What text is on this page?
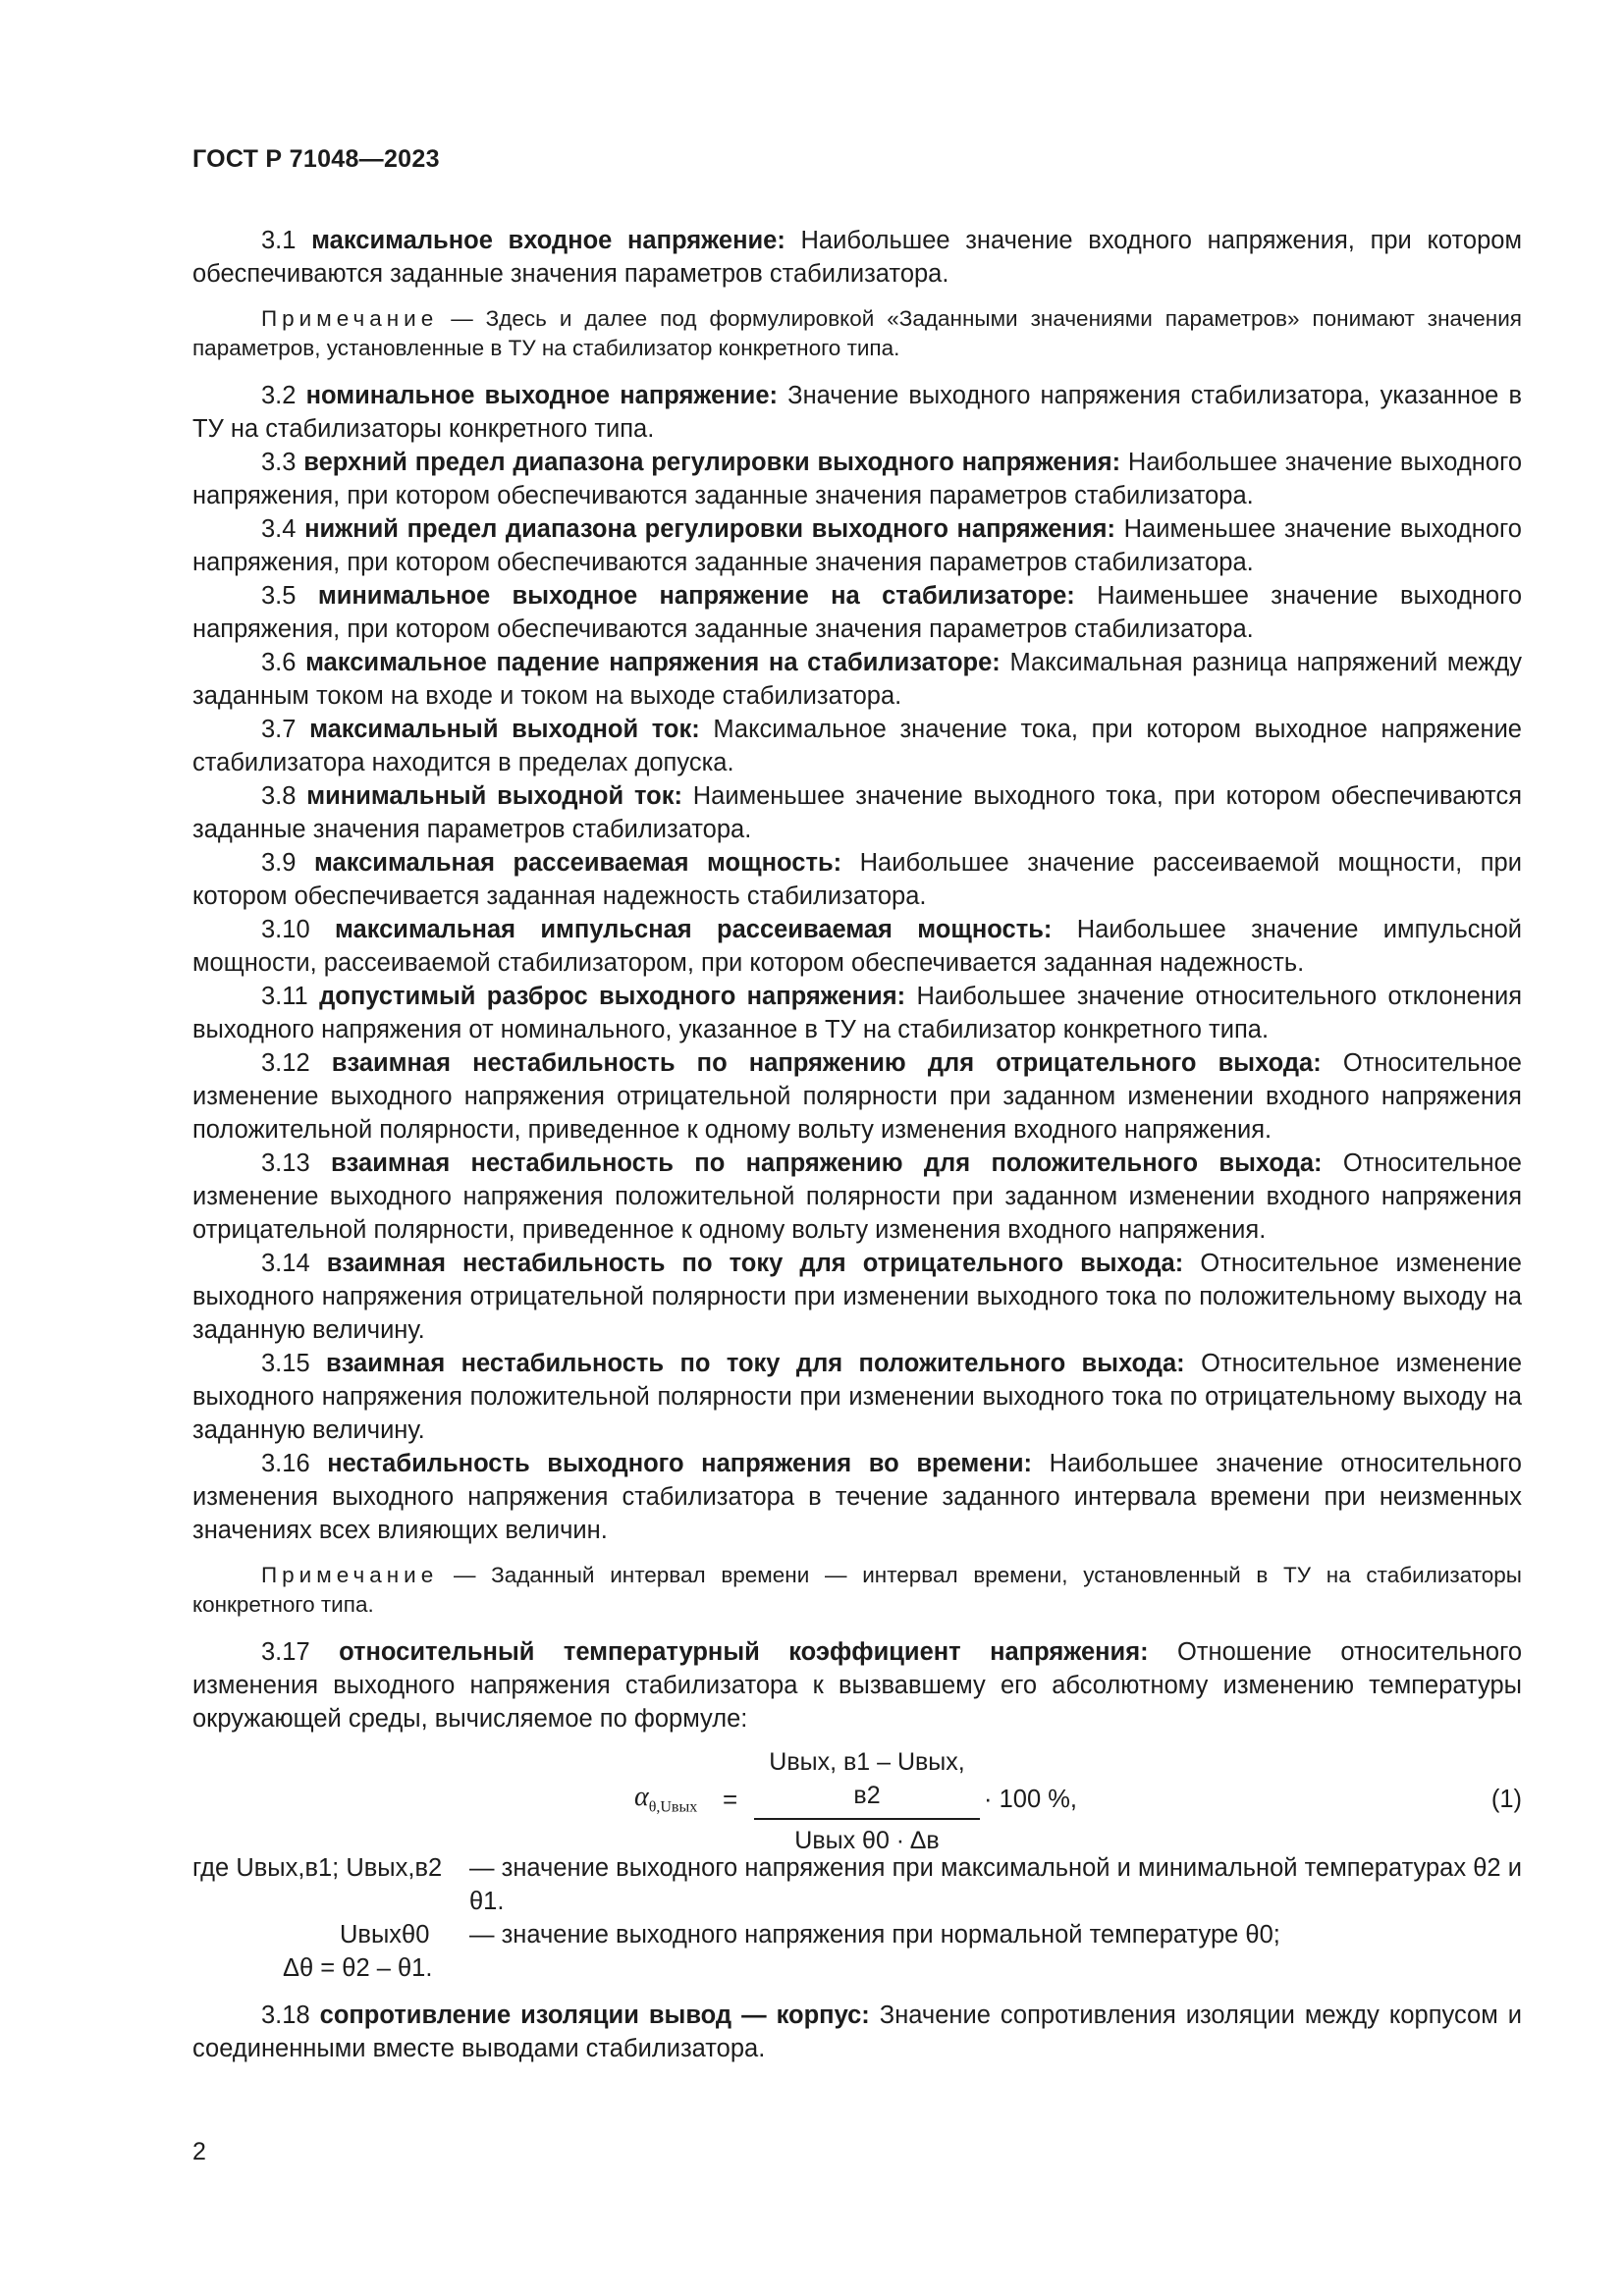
ГОСТ Р 71048—2023

3.1 максимальное входное напряжение: Наибольшее значение входного напряжения, при котором обеспечиваются заданные значения параметров стабилизатора.

Примечание — Здесь и далее под формулировкой «Заданными значениями параметров» понимают значения параметров, установленные в ТУ на стабилизатор конкретного типа.

3.2 номинальное выходное напряжение: Значение выходного напряжения стабилизатора, указанное в ТУ на стабилизаторы конкретного типа.

3.3 верхний предел диапазона регулировки выходного напряжения: Наибольшее значение выходного напряжения, при котором обеспечиваются заданные значения параметров стабилизатора.

3.4 нижний предел диапазона регулировки выходного напряжения: Наименьшее значение выходного напряжения, при котором обеспечиваются заданные значения параметров стабилизатора.

3.5 минимальное выходное напряжение на стабилизаторе: Наименьшее значение выходного напряжения, при котором обеспечиваются заданные значения параметров стабилизатора.

3.6 максимальное падение напряжения на стабилизаторе: Максимальная разница напряжений между заданным током на входе и током на выходе стабилизатора.

3.7 максимальный выходной ток: Максимальное значение тока, при котором выходное напряжение стабилизатора находится в пределах допуска.

3.8 минимальный выходной ток: Наименьшее значение выходного тока, при котором обеспечиваются заданные значения параметров стабилизатора.

3.9 максимальная рассеиваемая мощность: Наибольшее значение рассеиваемой мощности, при котором обеспечивается заданная надежность стабилизатора.

3.10 максимальная импульсная рассеиваемая мощность: Наибольшее значение импульсной мощности, рассеиваемой стабилизатором, при котором обеспечивается заданная надежность.

3.11 допустимый разброс выходного напряжения: Наибольшее значение относительного отклонения выходного напряжения от номинального, указанное в ТУ на стабилизатор конкретного типа.

3.12 взаимная нестабильность по напряжению для отрицательного выхода: Относительное изменение выходного напряжения отрицательной полярности при заданном изменении входного напряжения положительной полярности, приведенное к одному вольту изменения входного напряжения.

3.13 взаимная нестабильность по напряжению для положительного выхода: Относительное изменение выходного напряжения положительной полярности при заданном изменении входного напряжения отрицательной полярности, приведенное к одному вольту изменения входного напряжения.

3.14 взаимная нестабильность по току для отрицательного выхода: Относительное изменение выходного напряжения отрицательной полярности при изменении выходного тока по положительному выходу на заданную величину.

3.15 взаимная нестабильность по току для положительного выхода: Относительное изменение выходного напряжения положительной полярности при изменении выходного тока по отрицательному выходу на заданную величину.

3.16 нестабильность выходного напряжения во времени: Наибольшее значение относительного изменения выходного напряжения стабилизатора в течение заданного интервала времени при неизменных значениях всех влияющих величин.

Примечание — Заданный интервал времени — интервал времени, установленный в ТУ на стабилизаторы конкретного типа.

3.17 относительный температурный коэффициент напряжения: Отношение относительного изменения выходного напряжения стабилизатора к вызвавшему его абсолютному изменению температуры окружающей среды, вычисляемое по формуле:

$\alpha_{\theta,Uвых}$ =
Uвых, в1 – Uвых, в2
Uвых θ0 · Δв
· 100 %,	(1)
где Uвых,в1; Uвых,в2 — значение выходного напряжения при максимальной и минимальной температурах θ2 и θ1.
Uвыхθ0 — значение выходного напряжения при нормальной температуре θ0;
Δθ = θ2 – θ1.

3.18 сопротивление изоляции вывод — корпус: Значение сопротивления изоляции между корпусом и соединенными вместе выводами стабилизатора.

2
